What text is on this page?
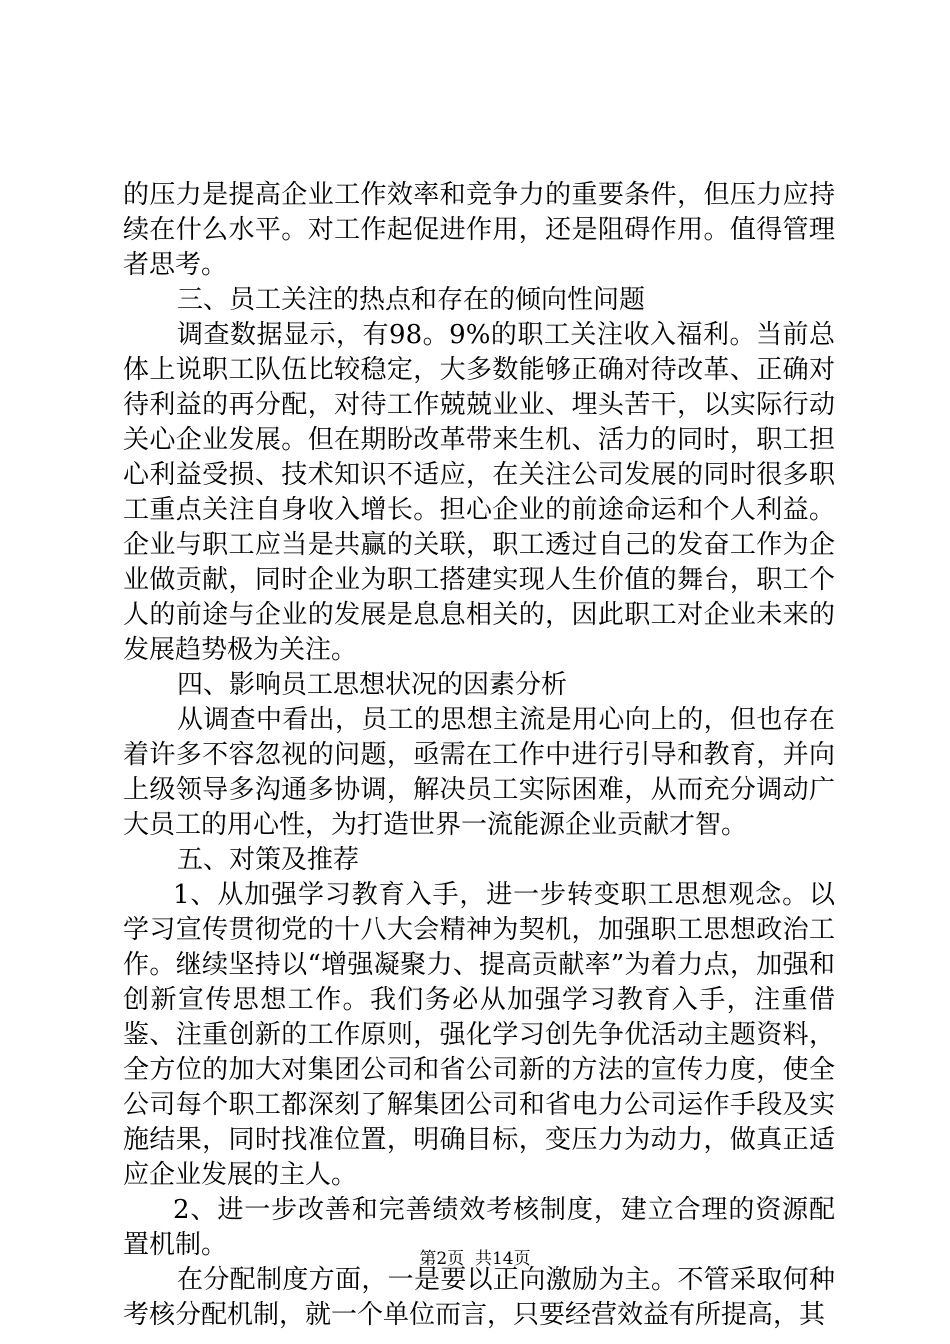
的压力是提高企业工作效率和竞争力的重要条件，但压力应持续在什么水平。对工作起促进作用，还是阻碍作用。值得管理者思考。

三、员工关注的热点和存在的倾向性问题

调查数据显示，有98。9%的职工关注收入福利。当前总体上说职工队伍比较稳定，大多数能够正确对待改革、正确对待利益的再分配，对待工作兢兢业业、埋头苦干，以实际行动关心企业发展。但在期盼改革带来生机、活力的同时，职工担心利益受损、技术知识不适应，在关注公司发展的同时很多职工重点关注自身收入增长。担心企业的前途命运和个人利益。企业与职工应当是共赢的关联，职工透过自己的发奋工作为企业做贡献，同时企业为职工搭建实现人生价值的舞台，职工个人的前途与企业的发展是息息相关的，因此职工对企业未来的发展趋势极为关注。

四、影响员工思想状况的因素分析

从调查中看出，员工的思想主流是用心向上的，但也存在着许多不容忽视的问题，亟需在工作中进行引导和教育，并向上级领导多沟通多协调，解决员工实际困难，从而充分调动广大员工的用心性，为打造世界一流能源企业贡献才智。

五、对策及推荐

1、从加强学习教育入手，进一步转变职工思想观念。以学习宣传贯彻党的十八大会精神为契机，加强职工思想政治工作。继续坚持以“增强凝聚力、提高贡献率”为着力点，加强和创新宣传思想工作。我们务必从加强学习教育入手，注重借鉴、注重创新的工作原则，强化学习创先争优活动主题资料，全方位的加大对集团公司和省公司新的方法的宣传力度，使全公司每个职工都深刻了解集团公司和省电力公司运作手段及实施结果，同时找准位置，明确目标，变压力为动力，做真正适应企业发展的主人。

2、进一步改善和完善绩效考核制度，建立合理的资源配置机制。

在分配制度方面，一是要以正向激励为主。不管采取何种考核分配机制，就一个单位而言，只要经营效益有所提高，其

第2页  共14页
